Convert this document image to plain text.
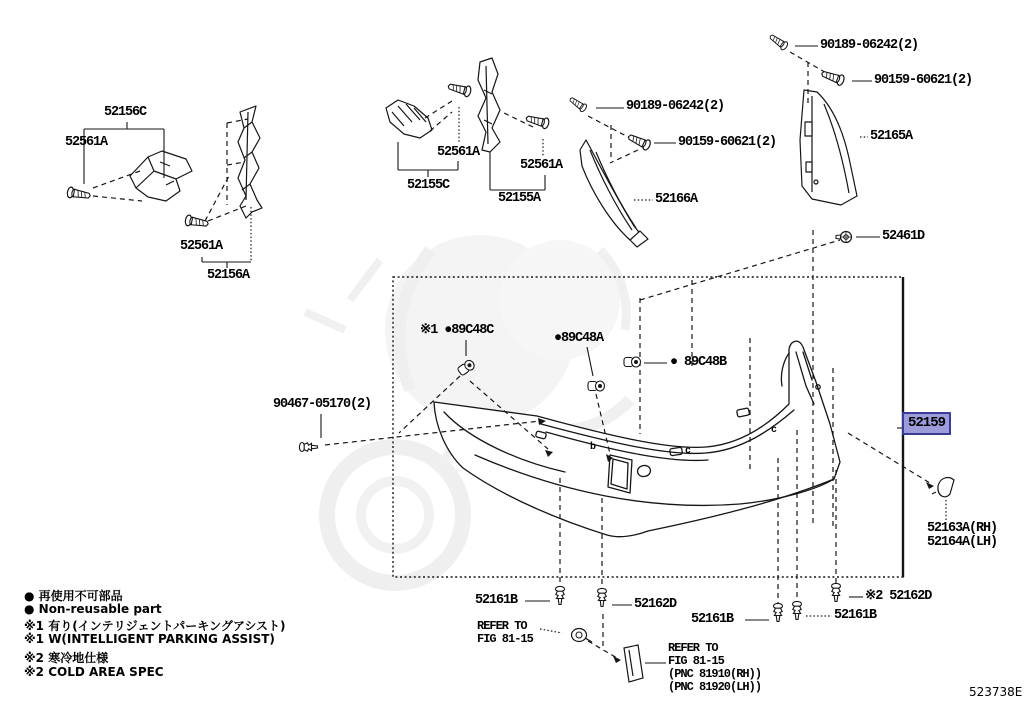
52156C
52561A
52561A
52156A
52561A
52155C
52561A
52155A
90189-06242(2)
90159-60621(2)
52166A
90189-06242(2)
90159-60621(2)
52165A
52461D
※1 ●89C48C
●89C48A
● 89C48B
90467-05170(2)
52159
52163A(RH)
52164A(LH)
52161B	52162D
52161B	52161B
※2 52162D
REFER TO
FIG 81-15
REFER TO
FIG 81-15
(PNC 81910(RH))
(PNC 81920(LH))
● 再使用不可部品
● Non-reusable part
※1 有り(インテリジェントパーキングアシスト)
※1 W(INTELLIGENT PARKING ASSIST)
※2 寒冷地仕様
※2 COLD AREA SPEC
b	c
c
523738E
